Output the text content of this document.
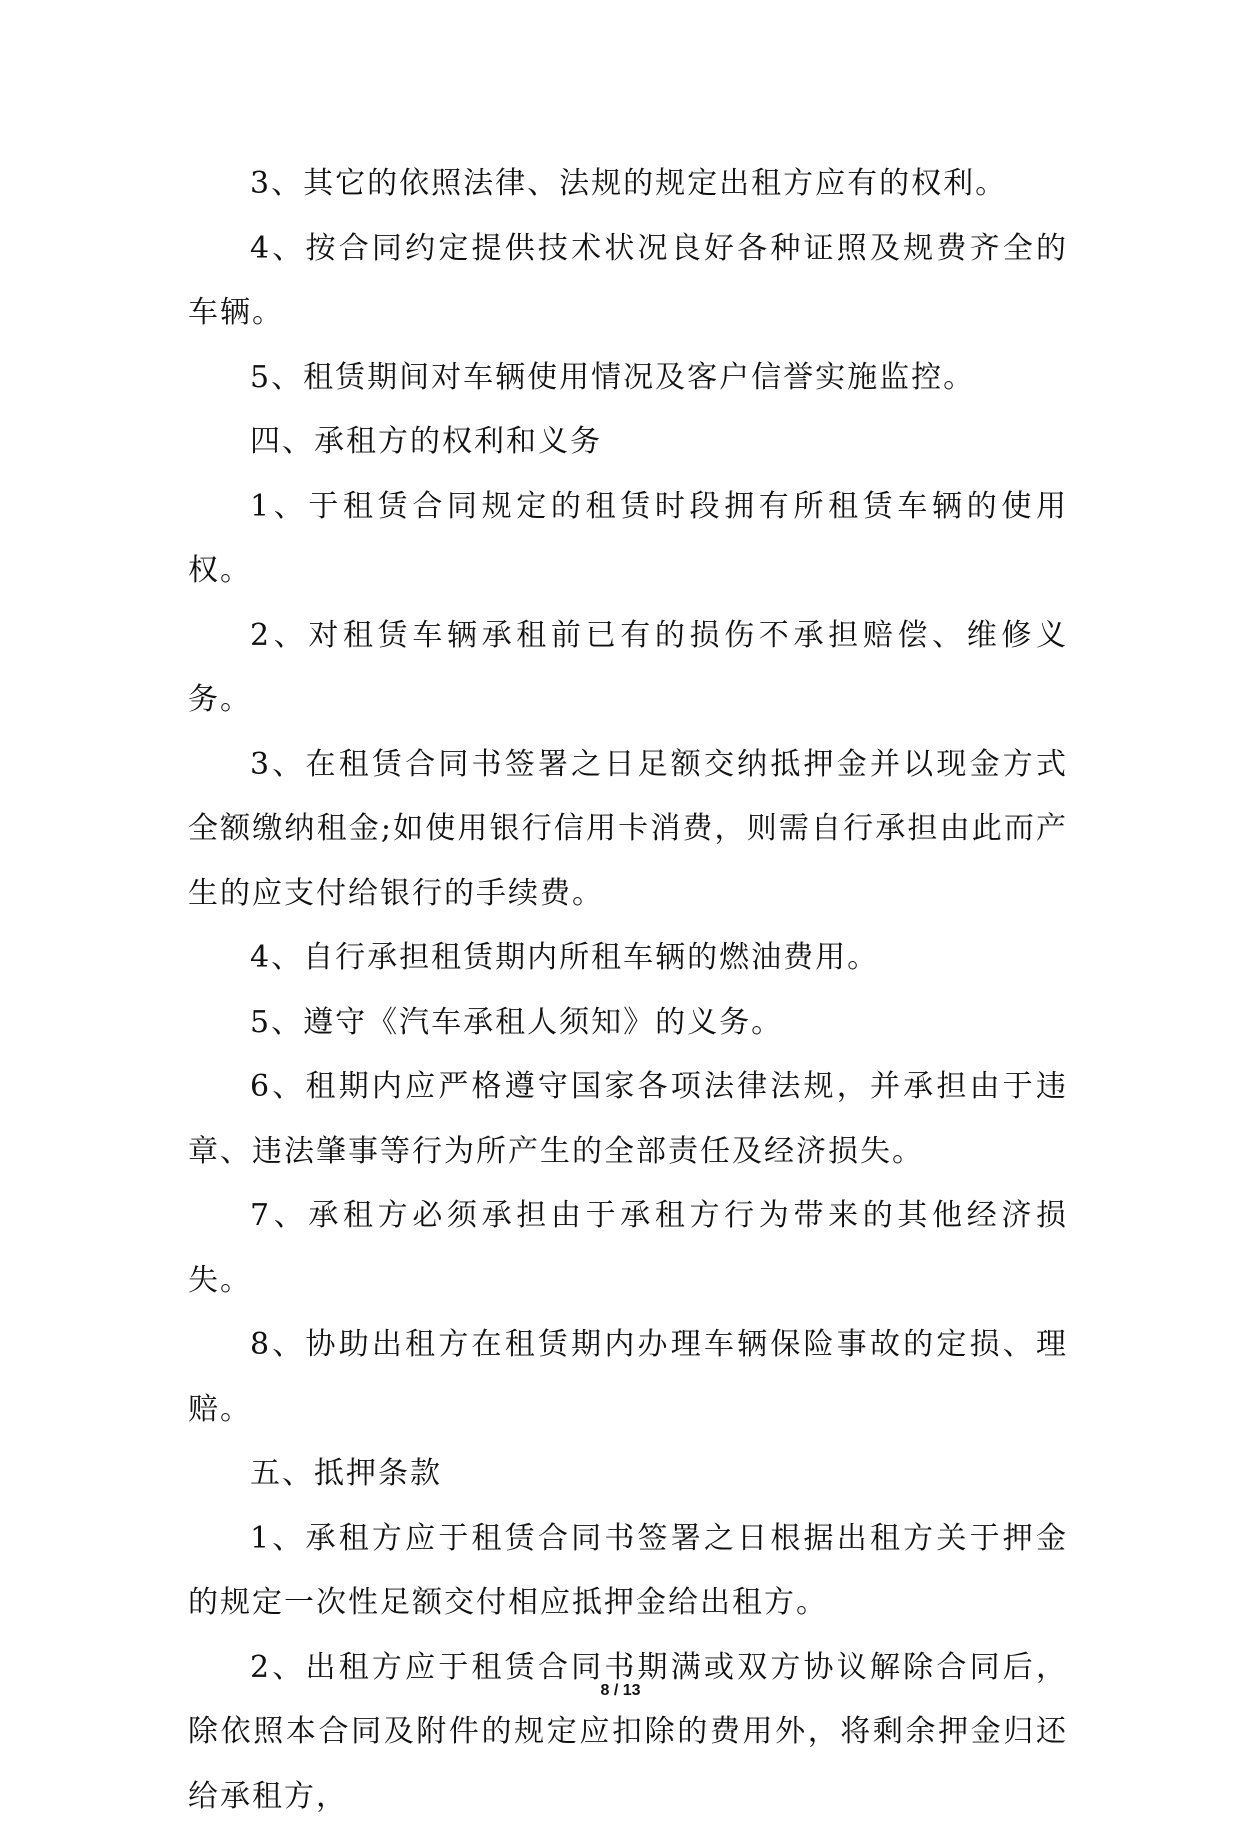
3、其它的依照法律、法规的规定出租方应有的权利。

4、按合同约定提供技术状况良好各种证照及规费齐全的车辆。

5、租赁期间对车辆使用情况及客户信誉实施监控。

四、承租方的权利和义务

1、于租赁合同规定的租赁时段拥有所租赁车辆的使用权。

2、对租赁车辆承租前已有的损伤不承担赔偿、维修义务。

3、在租赁合同书签署之日足额交纳抵押金并以现金方式全额缴纳租金;如使用银行信用卡消费，则需自行承担由此而产生的应支付给银行的手续费。

4、自行承担租赁期内所租车辆的燃油费用。

5、遵守《汽车承租人须知》的义务。

6、租期内应严格遵守国家各项法律法规，并承担由于违章、违法肇事等行为所产生的全部责任及经济损失。

7、承租方必须承担由于承租方行为带来的其他经济损失。

8、协助出租方在租赁期内办理车辆保险事故的定损、理赔。

五、抵押条款

1、承租方应于租赁合同书签署之日根据出租方关于押金的规定一次性足额交付相应抵押金给出租方。

2、出租方应于租赁合同书期满或双方协议解除合同后，除依照本合同及附件的规定应扣除的费用外，将剩余押金归还给承租方，

8 / 13
